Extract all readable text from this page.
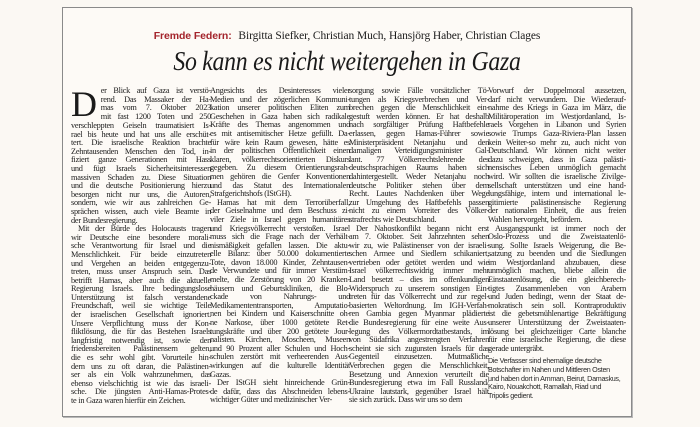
Fremde Federn: Birgitta Siefker, Christian Much, Hansjörg Haber, Christian Clages
So kann es nicht weitergehen in Gaza
D er Blick auf Gaza ist verstö-
rend. Das Massaker der Ha-
mas vom 7. Oktober 2023
mit fast 1200 Toten und 250
verschleppten Geiseln traumatisiert Is-
rael bis heute und hat uns alle erschüt-
tert. Die israelische Reaktion brachte
Zehntausenden Menschen den Tod, in-
fiziert ganze Generationen mit Hass
und fügt Israels Sicherheitsinteressen
massiven Schaden zu. Diese Situation
und die deutsche Positionierung hierzu
besorgen nicht nur uns, die Autoren,
sondern, wie wir aus zahlreichen Ge-
sprächen wissen, auch viele Beamte in
der Bundesregierung.
Mit der Bürde des Holocausts tragen
wir Deutsche eine besondere morali-
sche Verantwortung für Israel und die
Menschlichkeit. Für beide einzutreten
und Vergehen an beiden entgegenzu-
treten, muss unser Anspruch sein. Das
betrifft Hamas, aber auch die aktuelle
Regierung Israels. Ihre bedingungslose
Unterstützung ist falsch verstandene
Freundschaft, weil sie wichtige Teile
der israelischen Gesellschaft ignoriert.
Unsere Verpflichtung muss der Kon-
fliktlösung, die für das Bestehen Israels
langfristig notwendig ist, sowie den
friedensbereiten Palästinensern gelten,
die es sehr wohl gibt. Vorurteile hin-
dern uns zu oft daran, die Palästinen-
ser als ein Volk wahrzunehmen, das
ebenso vielschichtig ist wie das israeli-
sche. Die jüngsten Anti-Hamas-Protes-
te in Gaza waren hierfür ein Zeichen.
Angesichts des Desinteresses vieler
Medien und der zögerlichen Kommuni-
kation unserer politischen Eliten zum
Geschehen in Gaza haben sich radikale
Kräfte des Themas angenommen und
es mit antisemitischer Hetze gefüllt. Da-
für wäre kein Raum gewesen, hätte es
in der politischen Öffentlichkeit einen
klaren, völkerrechtsorientierten Diskurs
gegeben. Zu diesem Orientierungsrah-
men gehören die Genfer Konventionen
und das Statut des Internationalen
Strafgerichtshofs (IStGH).
Hamas hat mit dem Terrorüberfall,
der Geiselnahme und dem Beschuss zi-
viler Ziele in Israel gegen humanitäres
und Kriegsvölkerrecht verstoßen. Israel
muss sich die Frage nach der Verhält-
nismäßigkeit gefallen lassen. Die aktu-
elle Bilanz: über 50.000 dokumentierte
Tote, davon 18.000 Kinder, Zehntausen-
de Verwundete und für immer Verstüm-
melte, die Zerstörung von 20 Kranken-
häusern und Geburtskliniken, die Blo-
ckade von Nahrungs- und
Medikamententransporten, Amputatio-
nen bei Kindern und Kaiserschnitte oh-
ne Narkose, über 1000 getötete Ret-
tungskräfte und über 200 getötete Jour-
nalisten. Kirchen, Moscheen, Museen
und 90 Prozent aller Schulen und Hoch-
schulen zerstört mit verheerenden Aus-
wirkungen auf die kulturelle Identität
Gazas.
Der IStGH sieht hinreichende Grün-
de dafür, dass das Abschneiden lebens-
wichtiger Güter und medizinischer Ver-
sorgung sowie Fälle vorsätzlicher Tö-
tungen als Kriegsverbrechen und Ver-
brechen gegen die Menschlichkeit ein-
gestuft werden können. Er hat deshalb
nach sorgfältiger Prüfung Haftbefehle
erlassen, gegen Hamas-Führer sowie
Ministerpräsident Netanjahu und den
damaligen Verteidigungsminister Gal-
lant. 77 Völkerrechtslehrende des
deutschsprachigen Raums haben sich
dahintergestellt. Weder Netanjahu noch
deutsche Politiker stehen über dem
Recht. Lautes Nachdenken über Wege
zur Umgehung des Haftbefehls passen
nicht zu einem Vorreiter des Völker-
strafrechts wie Deutschland.
Der Nahostkonflikt begann nicht erst
am 7. Oktober. Seit Jahrzehnten sehen
wir zu, wie Palästinenser von der israeli-
schen Armee und Siedlern schikaniert,
vertrieben oder getötet werden und wie
Israel völkerrechtswidrig immer mehr
Land besetzt – dies im offenkundigen
Widerspruch zu unserem sonstigen Ein-
treten für das Völkerrecht und zur regel-
basierten Weltordnung. Im IGH-Verfah-
ren Gambia gegen Myanmar plädierte
die Bundesregierung für eine weite Aus-
legung des Völkermordtatbestands, im
von Südafrika angestrengten Verfahren
scheint sie sich zugunsten Israels für das
Gegenteil einzusetzen. Mutmaßliche
Verbrechen gegen die Menschlichkeit,
Besetzung und Annexion verurteilt die
Bundesregierung etwa im Fall Russland/
Ukraine lautstark, gegenüber Israel hält
sie sich zurück. Dass wir uns so dem
Vorwurf der Doppelmoral aussetzen,
darf nicht verwundern. Die Wiederauf-
nahme des Kriegs in Gaza im März, die
Militäroperation im Westjordanland, Is-
raels Vorgehen in Libanon und Syrien
sowie Trumps Gaza-Riviera-Plan lassen
kein Weiter-so mehr zu, auch nicht von
Deutschland. Wir können nicht weiter
dazu schweigen, dass in Gaza palästi-
nensisches Leben unmöglich gemacht
wird. Wir sollten die israelische Zivilge-
sellschaft unterstützen und eine hand-
lungsfähige, intern und international le-
gitimierte palästinensische Regierung
der nationalen Einheit, die aus freien
Wahlen hervorgeht, befördern.
Ausgangspunkt ist immer noch der
Oslo-Prozess und die Zweistaatenlö-
sung. Sollte Israels Weigerung, die Be-
satzung zu beenden und die Siedlungen
im Westjordanland abzubauen, diese
unmöglich machen, bliebe allein die
Einstaatenlösung, die ein gleichberech-
tigtes Zusammenleben von Arabern
und Juden bedingt, wenn der Staat de-
mokratisch sein soll. Kontraproduktiv
ist die gebetsmühlenartige Bekräftigung
unserer Unterstützung der Zweistaaten-
lösung bei gleichzeitiger Carte blanche
für eine israelische Regierung, die diese
gerade untergräbt.
Die Verfasser sind ehemalige deutsche
Botschafter im Nahen und Mittleren Osten
und haben dort in Amman, Beirut, Damaskus,
Kairo, Nouakchott, Ramallah, Riad und
Tripolis gedient.
